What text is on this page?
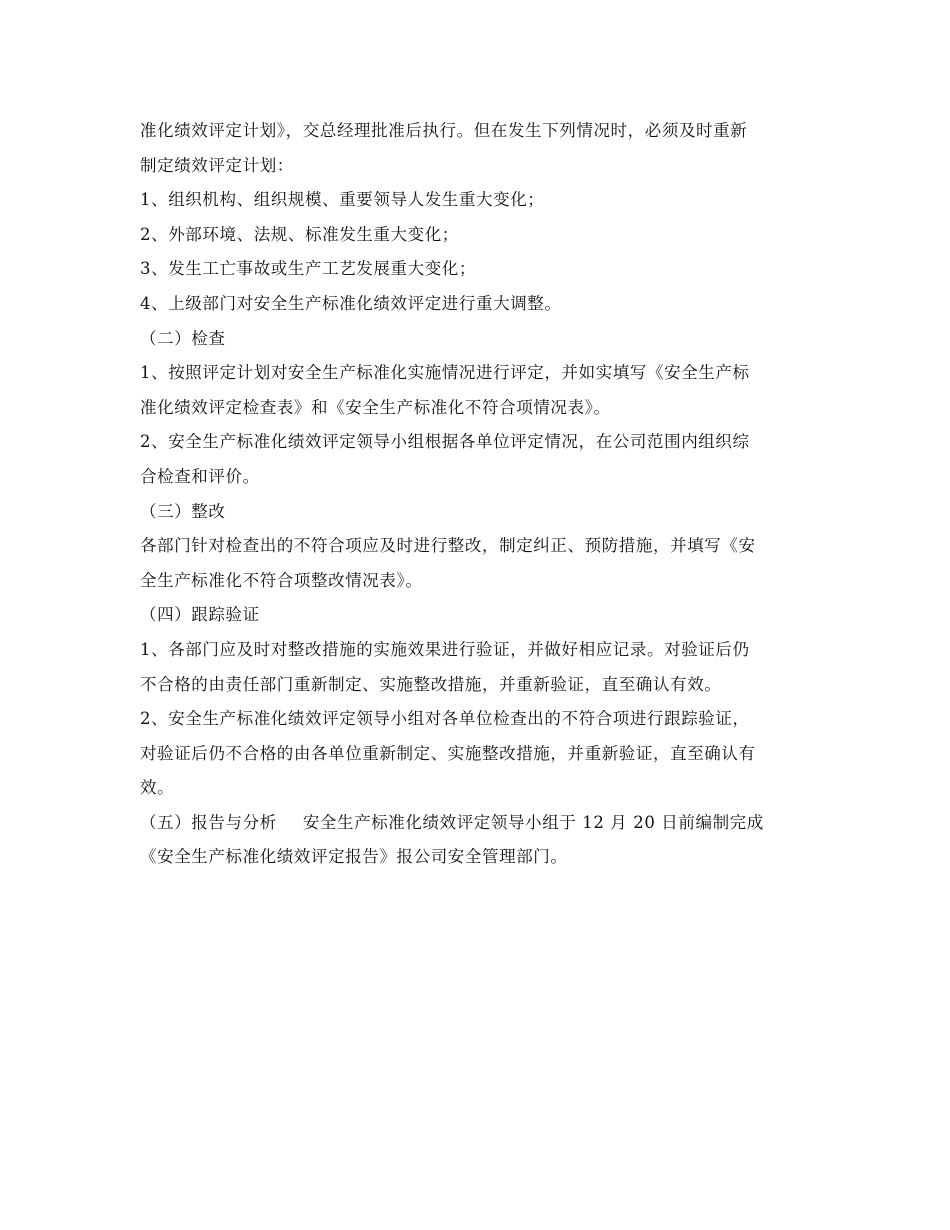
准化绩效评定计划》，交总经理批准后执行。但在发生下列情况时，必须及时重新
制定绩效评定计划：
1、组织机构、组织规模、重要领导人发生重大变化；
2、外部环境、法规、标准发生重大变化；
3、发生工亡事故或生产工艺发展重大变化；
4、上级部门对安全生产标准化绩效评定进行重大调整。
（二）检查
1、按照评定计划对安全生产标准化实施情况进行评定，并如实填写《安全生产标
准化绩效评定检查表》和《安全生产标准化不符合项情况表》。
2、安全生产标准化绩效评定领导小组根据各单位评定情况，在公司范围内组织综
合检查和评价。
（三）整改
各部门针对检查出的不符合项应及时进行整改，制定纠正、预防措施，并填写《安
全生产标准化不符合项整改情况表》。
（四）跟踪验证
1、各部门应及时对整改措施的实施效果进行验证，并做好相应记录。对验证后仍
不合格的由责任部门重新制定、实施整改措施，并重新验证，直至确认有效。
2、安全生产标准化绩效评定领导小组对各单位检查出的不符合项进行跟踪验证，
对验证后仍不合格的由各单位重新制定、实施整改措施，并重新验证，直至确认有
效。
（五）报告与分析 安全生产标准化绩效评定领导小组于 12 月 20 日前编制完成
《安全生产标准化绩效评定报告》报公司安全管理部门。
